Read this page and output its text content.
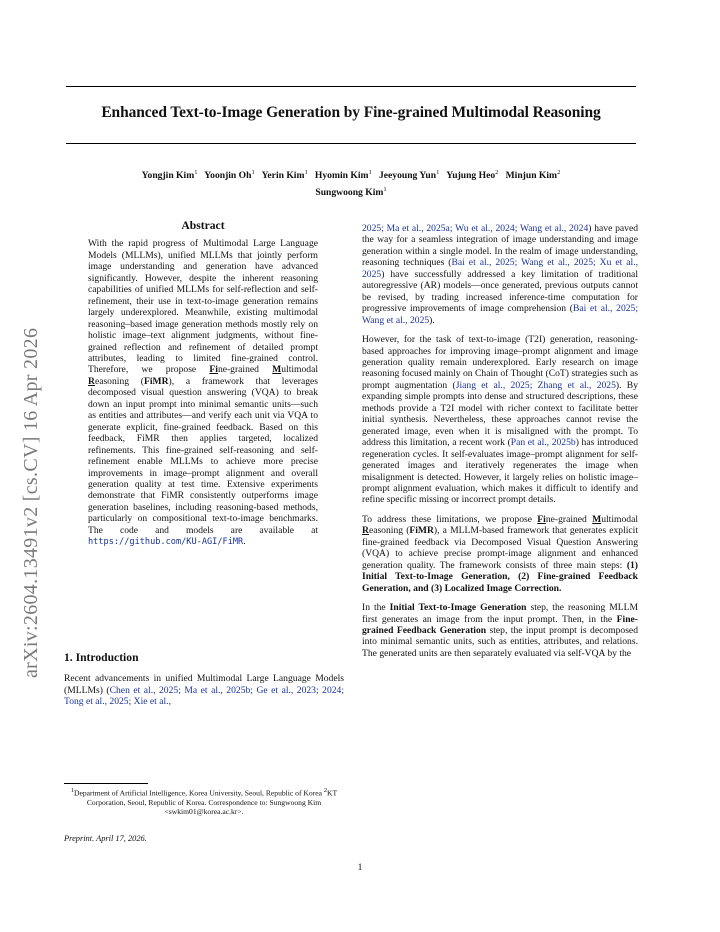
Enhanced Text-to-Image Generation by Fine-grained Multimodal Reasoning
Yongjin Kim$^1$ Yoonjin Oh$^1$ Yerin Kim$^1$ Hyomin Kim$^1$ Jeeyoung Yun$^1$ Yujung Heo$^2$ Minjun Kim$^2$
Sungwoong Kim$^1$
arXiv:2604.13491v2 [cs.CV] 16 Apr 2026
Abstract

With the rapid progress of Multimodal Large Language Models (MLLMs), unified MLLMs that jointly perform image understanding and generation have advanced significantly. However, despite the inherent reasoning capabilities of unified MLLMs for self-reflection and self-refinement, their use in text-to-image generation remains largely underexplored. Meanwhile, existing multimodal reasoning–based image generation methods mostly rely on holistic image–text alignment judgments, without fine-grained reflection and refinement of detailed prompt attributes, leading to limited fine-grained control. Therefore, we propose Fine-grained Multimodal Reasoning (FiMR), a framework that leverages decomposed visual question answering (VQA) to break down an input prompt into minimal semantic units—such as entities and attributes—and verify each unit via VQA to generate explicit, fine-grained feedback. Based on this feedback, FiMR then applies targeted, localized refinements. This fine-grained self-reasoning and self-refinement enable MLLMs to achieve more precise improvements in image–prompt alignment and overall generation quality at test time. Extensive experiments demonstrate that FiMR consistently outperforms image generation baselines, including reasoning-based methods, particularly on compositional text-to-image benchmarks. The code and models are available at https://github.com/KU-AGI/FiMR.

1. Introduction

Recent advancements in unified Multimodal Large Language Models (MLLMs) (Chen et al., 2025; Ma et al., 2025b; Ge et al., 2023; 2024; Tong et al., 2025; Xie et al.,

$^1$Department of Artificial Intelligence, Korea University, Seoul, Republic of Korea $^2$KT Corporation, Seoul, Republic of Korea. Correspondence to: Sungwoong Kim <swkim01@korea.ac.kr>.
Preprint. April 17, 2026.

2025; Ma et al., 2025a; Wu et al., 2024; Wang et al., 2024) have paved the way for a seamless integration of image understanding and image generation within a single model. In the realm of image understanding, reasoning techniques (Bai et al., 2025; Wang et al., 2025; Xu et al., 2025) have successfully addressed a key limitation of traditional autoregressive (AR) models—once generated, previous outputs cannot be revised, by trading increased inference-time computation for progressive improvements of image comprehension (Bai et al., 2025; Wang et al., 2025).

However, for the task of text-to-image (T2I) generation, reasoning-based approaches for improving image–prompt alignment and image generation quality remain underexplored. Early research on image reasoning focused mainly on Chain of Thought (CoT) strategies such as prompt augmentation (Jiang et al., 2025; Zhang et al., 2025). By expanding simple prompts into dense and structured descriptions, these methods provide a T2I model with richer context to facilitate better initial synthesis. Nevertheless, these approaches cannot revise the generated image, even when it is misaligned with the prompt. To address this limitation, a recent work (Pan et al., 2025b) has introduced regeneration cycles. It self-evaluates image–prompt alignment for self-generated images and iteratively regenerates the image when misalignment is detected. However, it largely relies on holistic image–prompt alignment evaluation, which makes it difficult to identify and refine specific missing or incorrect prompt details.

To address these limitations, we propose Fine-grained Multimodal Reasoning (FiMR), a MLLM-based framework that generates explicit fine-grained feedback via Decomposed Visual Question Answering (VQA) to achieve precise prompt-image alignment and enhanced generation quality. The framework consists of three main steps: (1) Initial Text-to-Image Generation, (2) Fine-grained Feedback Generation, and (3) Localized Image Correction.

In the Initial Text-to-Image Generation step, the reasoning MLLM first generates an image from the input prompt. Then, in the Fine-grained Feedback Generation step, the input prompt is decomposed into minimal semantic units, such as entities, attributes, and relations. The generated units are then separately evaluated via self-VQA by the

1
